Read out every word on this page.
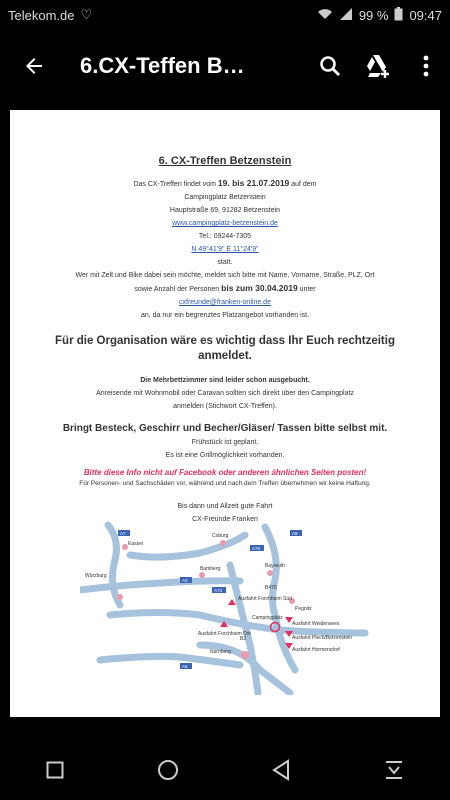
Telekom.de ♡	99 % 09:47
6.CX-Teffen B…

6. CX-Treffen Betzenstein

Das CX-Treffen findet vom 19. bis 21.07.2019 auf dem

Campingplatz Betzenstein

Hauptstraße 69, 91282 Betzenstein

www.campingplatz-betzenstein.de

Tel.: 09244-7305

N 49°41'9" E 11°24'9"

statt.

Wer mit Zelt und Bike dabei sein möchte, meldet sich bitte mit Name, Vorname, Straße, PLZ, Ort

sowie Anzahl der Personen bis zum 30.04.2019 unter

cxfreunde@franken-online.de

an, da nur ein begrenztes Platzangebot vorhanden ist.

Für die Organisation wäre es wichtig dass Ihr Euch rechtzeitig anmeldet.

Die Mehrbettzimmer sind leider schon ausgebucht.

Anreisende mit Wohnmobil oder Caravan sollten sich direkt über den Campingplatz

anmelden (Stichwort CX-Treffen).

Bringt Besteck, Geschirr und Becher/Gläser/ Tassen bitte selbst mit.

Frühstück ist geplant.

Es ist eine Grillmöglichkeit vorhanden.

Bitte diese Info nicht auf Facebook oder anderen ähnlichen Seiten posten!

Für Personen- und Sachschäden vor, während und nach dem Treffen übernehmen wir keine Haftung.

Bis dann und Allzeit gute Fahrt

CX-Freunde Franken

Kassel
Coburg
Würzburg
Bamberg	Bayreuth
Pegnitz
Nürnberg
Campingplatz
Ausfahrt Forchheim Süd
Ausfahrt Forchheim Ost
Ausfahrt Weidensees
Ausfahrt Plech/Betzenstein
Ausfahrt Hormersdorf
A7
A73
A9
A3
A70
B2
B470
A6
